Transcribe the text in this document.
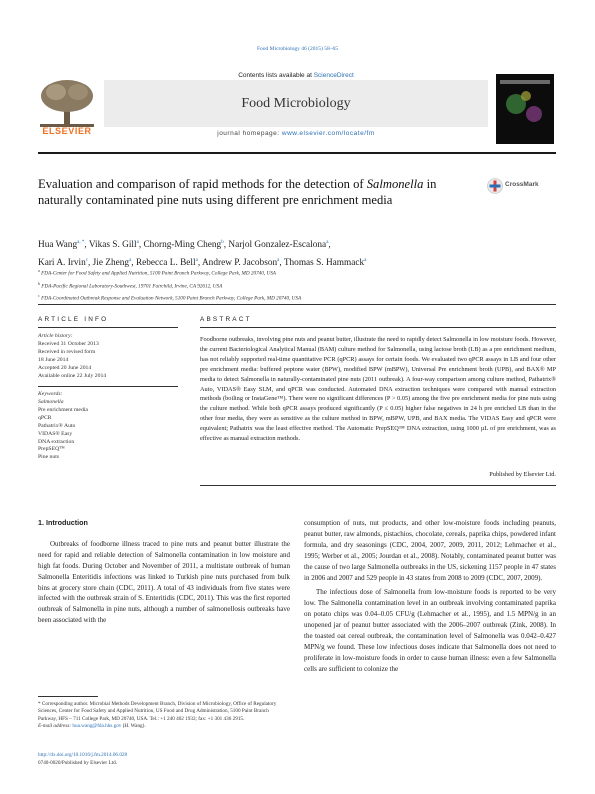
Food Microbiology 46 (2015) 58–65
ELSEVIER
Contents lists available at ScienceDirect
Food Microbiology
journal homepage: www.elsevier.com/locate/fm
Evaluation and comparison of rapid methods for the detection of Salmonella in naturally contaminated pine nuts using different pre enrichment media
CrossMark
Hua Wang$^{a, *}$, Vikas S. Gill$^a$, Chorng-Ming Cheng$^b$, Narjol Gonzalez-Escalona$^a$,
Kari A. Irvin$^c$, Jie Zheng$^a$, Rebecca L. Bell$^a$, Andrew P. Jacobson$^a$, Thomas S. Hammack$^a$
$^a$ FDA-Center for Food Safety and Applied Nutrition, 5100 Paint Branch Parkway, College Park, MD 20740, USA
$^b$ FDA-Pacific Regional Laboratory-Southwest, 19701 Fairchild, Irvine, CA 92612, USA
$^c$ FDA-Coordinated Outbreak Response and Evaluation Network, 5100 Paint Branch Parkway, College Park, MD 20740, USA
ARTICLE INFO	ABSTRACT
Article history:
Received 31 October 2013
Received in revised form
18 June 2014
Accepted 20 June 2014
Available online 22 July 2014
Keywords:
Salmonella
Pre enrichment media
qPCR
Pathatrix® Auto
VIDAS® Easy
DNA extraction
PrepSEQ™
Pine nuts
Foodborne outbreaks, involving pine nuts and peanut butter, illustrate the need to rapidly detect Salmonella in low moisture foods. However, the current Bacteriological Analytical Manual (BAM) culture method for Salmonella, using lactose broth (LB) as a pre enrichment medium, has not reliably supported real-time quantitative PCR (qPCR) assays for certain foods. We evaluated two qPCR assays in LB and four other pre enrichment media: buffered peptone water (BPW), modified BPW (mBPW), Universal Pre enrichment broth (UPB), and BAX® MP media to detect Salmonella in naturally-contaminated pine nuts (2011 outbreak). A four-way comparison among culture method, Pathatrix® Auto, VIDAS® Easy SLM, and qPCR was conducted. Automated DNA extraction techniques were compared with manual extraction methods (boiling or InstaGene™). There were no significant differences (P > 0.05) among the five pre enrichment media for pine nuts using the culture method. While both qPCR assays produced significantly (P ≤ 0.05) higher false negatives in 24 h pre enriched LB than in the other four media, they were as sensitive as the culture method in BPW, mBPW, UPB, and BAX media. The VIDAS Easy and qPCR were equivalent; Pathatrix was the least effective method. The Automatic PrepSEQ™ DNA extraction, using 1000 µL of pre enrichment, was as effective as manual extraction methods.
Published by Elsevier Ltd.
1. Introduction

Outbreaks of foodborne illness traced to pine nuts and peanut butter illustrate the need for rapid and reliable detection of Salmonella contamination in low moisture and high fat foods. During October and November of 2011, a multistate outbreak of human Salmonella Enteritidis infections was linked to Turkish pine nuts purchased from bulk bins at grocery store chain (CDC, 2011). A total of 43 individuals from five states were infected with the outbreak strain of S. Enteritidis (CDC, 2011). This was the first reported outbreak of Salmonella in pine nuts, although a number of salmonellosis outbreaks have been associated with the

consumption of nuts, nut products, and other low-moisture foods including peanuts, peanut butter, raw almonds, pistachios, chocolate, cereals, paprika chips, powdered infant formula, and dry seasonings (CDC, 2004, 2007, 2009, 2011, 2012; Lehmacher et al., 1995; Werber et al., 2005; Jourdan et al., 2008). Notably, contaminated peanut butter was the cause of two large Salmonella outbreaks in the US, sickening 1157 people in 47 states in 2006 and 2007 and 529 people in 43 states from 2008 to 2009 (CDC, 2007, 2009).

The infectious dose of Salmonella from low-moisture foods is reported to be very low. The Salmonella contamination level in an outbreak involving contaminated paprika on potato chips was 0.04–0.05 CFU/g (Lehmacher et al., 1995), and 1.5 MPN/g in an unopened jar of peanut butter associated with the 2006–2007 outbreak (Zink, 2008). In the toasted oat cereal outbreak, the contamination level of Salmonella was 0.042–0.427 MPN/g we found. These low infectious doses indicate that Salmonella does not need to proliferate in low-moisture foods in order to cause human illness: even a few Salmonella cells are sufficient to colonize the

* Corresponding author. Microbial Methods Development Branch, Division of Microbiology, Office of Regulatory Sciences, Center for Food Safety and Applied Nutrition, US Food and Drug Administration, 5100 Paint Branch Parkway, HFS – 711 College Park, MD 20740, USA. Tel.: +1 240 402 1932; fax: +1 301 436 2915.
E-mail address: hua.wang@fda.hhs.gov (H. Wang).
http://dx.doi.org/10.1016/j.fm.2014.06.028
0740-0020/Published by Elsevier Ltd.
